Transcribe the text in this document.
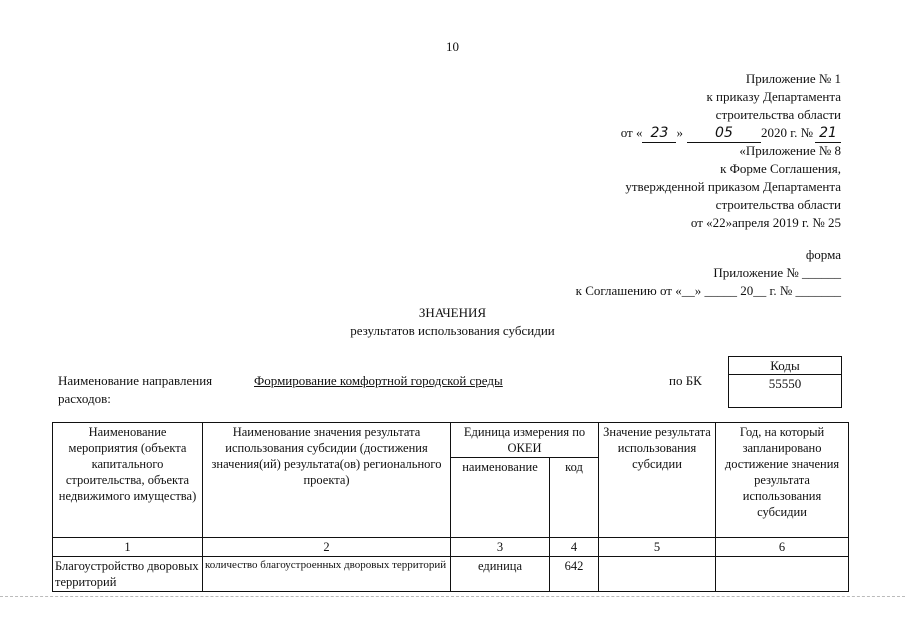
10
Приложение № 1
к приказу Департамента
строительства области
от « 23 » 05 2020 г. № 21
«Приложение № 8
к Форме Соглашения,
утвержденной приказом Департамента
строительства области
от «22»апреля 2019 г. № 25
форма
Приложение № ______
к Соглашению от «__» _____ 20__ г. № _______
ЗНАЧЕНИЯ
результатов использования субсидии
Коды
55550
Наименование направления расходов:
Формирование комфортной городской среды	по БК
Наименование мероприятия (объекта капитального строительства, объекта недвижимого имущества)	Наименование значения результата использования субсидии (достижения значения(ий) результата(ов) регионального проекта)	Единица измерения по ОКЕИ		Значение результата использования субсидии	Год, на который запланировано достижение значения результата использования субсидии
		наименование	код		
1	2	3	4	5	6
Благоустройство дворовых территорий	количество благоустроенных дворовых территорий	единица	642		
